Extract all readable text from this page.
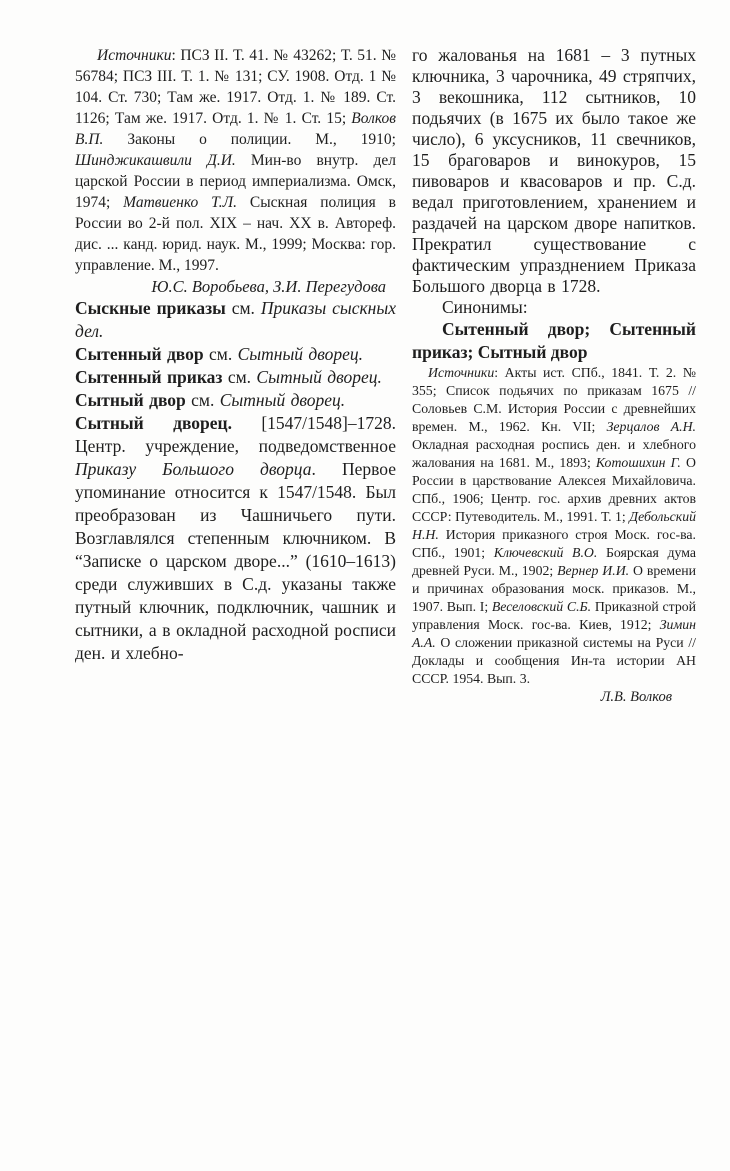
Источники: ПСЗ II. Т. 41. № 43262; Т. 51. № 56784; ПСЗ III. Т. 1. № 131; СУ. 1908. Отд. 1 № 104. Ст. 730; Там же. 1917. Отд. 1. № 189. Ст. 1126; Там же. 1917. Отд. 1. № 1. Ст. 15; Волков В.П. Законы о полиции. М., 1910; Шинджикашвили Д.И. Мин-во внутр. дел царской России в период империализма. Омск, 1974; Матвиенко Т.Л. Сыскная полиция в России во 2-й пол. XIX – нач. XX в. Автореф. дис. ... канд. юрид. наук. М., 1999; Москва: гор. управление. М., 1997.

Ю.С. Воробьева, З.И. Перегудова

Сыскные приказы см. Приказы сыскных дел.

Сытенный двор см. Сытный дворец.

Сытенный приказ см. Сытный дворец.

Сытный двор см. Сытный дворец.

Сытный дворец. [1547/1548]–1728. Центр. учреждение, подведомственное Приказу Большого дворца. Первое упоминание относится к 1547/1548. Был преобразован из Чашничьего пути. Возглавлялся степенным ключником. В “Записке о царском дворе...” (1610–1613) среди служивших в С.д. указаны также путный ключник, подключник, чашник и сытники, а в окладной расходной росписи ден. и хлебно-

го жалованья на 1681 – 3 путных ключника, 3 чарочника, 49 стряпчих, 3 векошника, 112 сытников, 10 подьячих (в 1675 их было такое же число), 6 уксусников, 11 свечников, 15 браговаров и винокуров, 15 пивоваров и квасоваров и пр. С.д. ведал приготовлением, хранением и раздачей на царском дворе напитков. Прекратил существование с фактическим упразднением Приказа Большого дворца в 1728.

Синонимы:

Сытенный двор; Сытенный приказ; Сытный двор

Источники: Акты ист. СПб., 1841. Т. 2. № 355; Список подьячих по приказам 1675 // Соловьев С.М. История России с древнейших времен. М., 1962. Кн. VII; Зерцалов А.Н. Окладная расходная роспись ден. и хлебного жалования на 1681. М., 1893; Котошихин Г. О России в царствование Алексея Михайловича. СПб., 1906; Центр. гос. архив древних актов СССР: Путеводитель. М., 1991. Т. 1; Дебольский Н.Н. История приказного строя Моск. гос-ва. СПб., 1901; Ключевский В.О. Боярская дума древней Руси. М., 1902; Вернер И.И. О времени и причинах образования моск. приказов. М., 1907. Вып. I; Веселовский С.Б. Приказной строй управления Моск. гос-ва. Киев, 1912; Зимин А.А. О сложении приказной системы на Руси // Доклады и сообщения Ин-та истории АН СССР. 1954. Вып. 3.

Л.В. Волков
